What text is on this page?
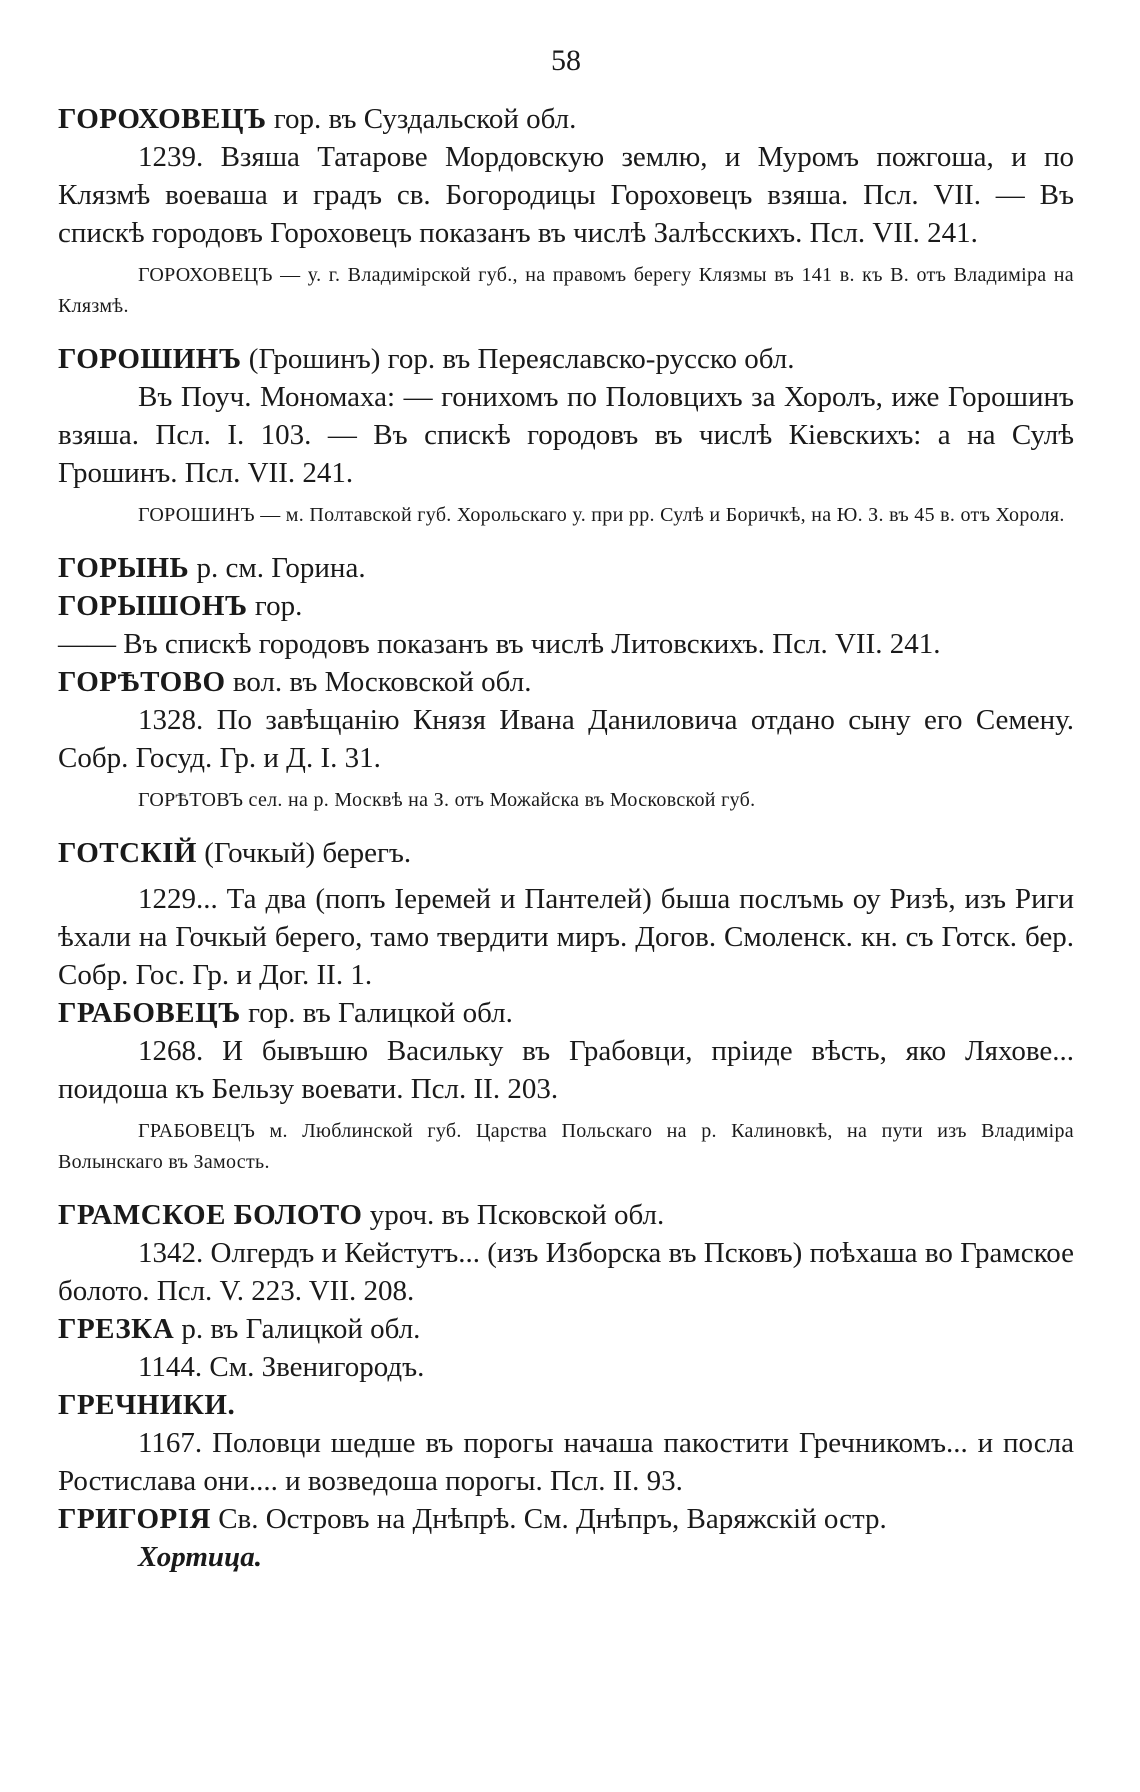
58

ГОРОХОВЕЦЪ гор. въ Суздальской обл.

1239. Взяша Татарове Мордовскую землю, и Муромъ пожгоша, и по Клязмѣ воеваша и градъ св. Богородицы Гороховецъ взяша. Псл. VII. — Въ спискѣ городовъ Гороховецъ показанъ въ числѣ Залѣсскихъ. Псл. VII. 241.

ГОРОХОВЕЦЪ — у. г. Владимірской губ., на правомъ берегу Клязмы въ 141 в. къ В. отъ Владиміра на Клязмѣ.

ГОРОШИНЪ (Грошинъ) гор. въ Переяславско-русско обл.

Въ Поуч. Мономаха: — гонихомъ по Половцихъ за Хоролъ, иже Горошинъ взяша. Псл. I. 103. — Въ спискѣ городовъ въ числѣ Кіевскихъ: а на Сулѣ Грошинъ. Псл. VII. 241.

ГОРОШИНЪ — м. Полтавской губ. Хорольскаго у. при рр. Сулѣ и Боричкѣ, на Ю. З. въ 45 в. отъ Хороля.

ГОРЫНЬ р. см. Горина.

ГОРЫШОНЪ гор.

—— Въ спискѣ городовъ показанъ въ числѣ Литовскихъ. Псл. VII. 241.

ГОРѢТОВО вол. въ Московской обл.

1328. По завѣщанію Князя Ивана Даниловича отдано сыну его Семену. Собр. Госуд. Гр. и Д. I. 31.

ГОРѢТОВЪ сел. на р. Москвѣ на З. отъ Можайска въ Московской губ.

ГОТСКІЙ (Гочкый) берегъ.

1229... Та два (попъ Іеремей и Пантелей) быша послъмь оу Ризѣ, изъ Риги ѣхали на Гочкый берего, тамо твердити миръ. Догов. Смоленск. кн. съ Готск. бер. Собр. Гос. Гр. и Дог. II. 1.

ГРАБОВЕЦЪ гор. въ Галицкой обл.

1268. И бывъшю Васильку въ Грабовци, пріиде вѣсть, яко Ляхове... поидоша къ Бельзу воевати. Псл. II. 203.

ГРАБОВЕЦЪ м. Люблинской губ. Царства Польскаго на р. Калиновкѣ, на пути изъ Владиміра Волынскаго въ Замость.

ГРАМСКОЕ БОЛОТО уроч. въ Псковской обл.

1342. Олгердъ и Кейстутъ... (изъ Изборска въ Псковъ) поѣхаша во Грамское болото. Псл. V. 223. VII. 208.

ГРЕЗКА р. въ Галицкой обл.

1144. См. Звенигородъ.

ГРЕЧНИКИ.

1167. Половци шедше въ порогы начаша пакостити Гречникомъ... и посла Ростислава они.... и возведоша порогы. Псл. II. 93.

ГРИГОРІЯ Св. Островъ на Днѣпрѣ. См. Днѣпръ, Варяжскій остр.

Хортица.
